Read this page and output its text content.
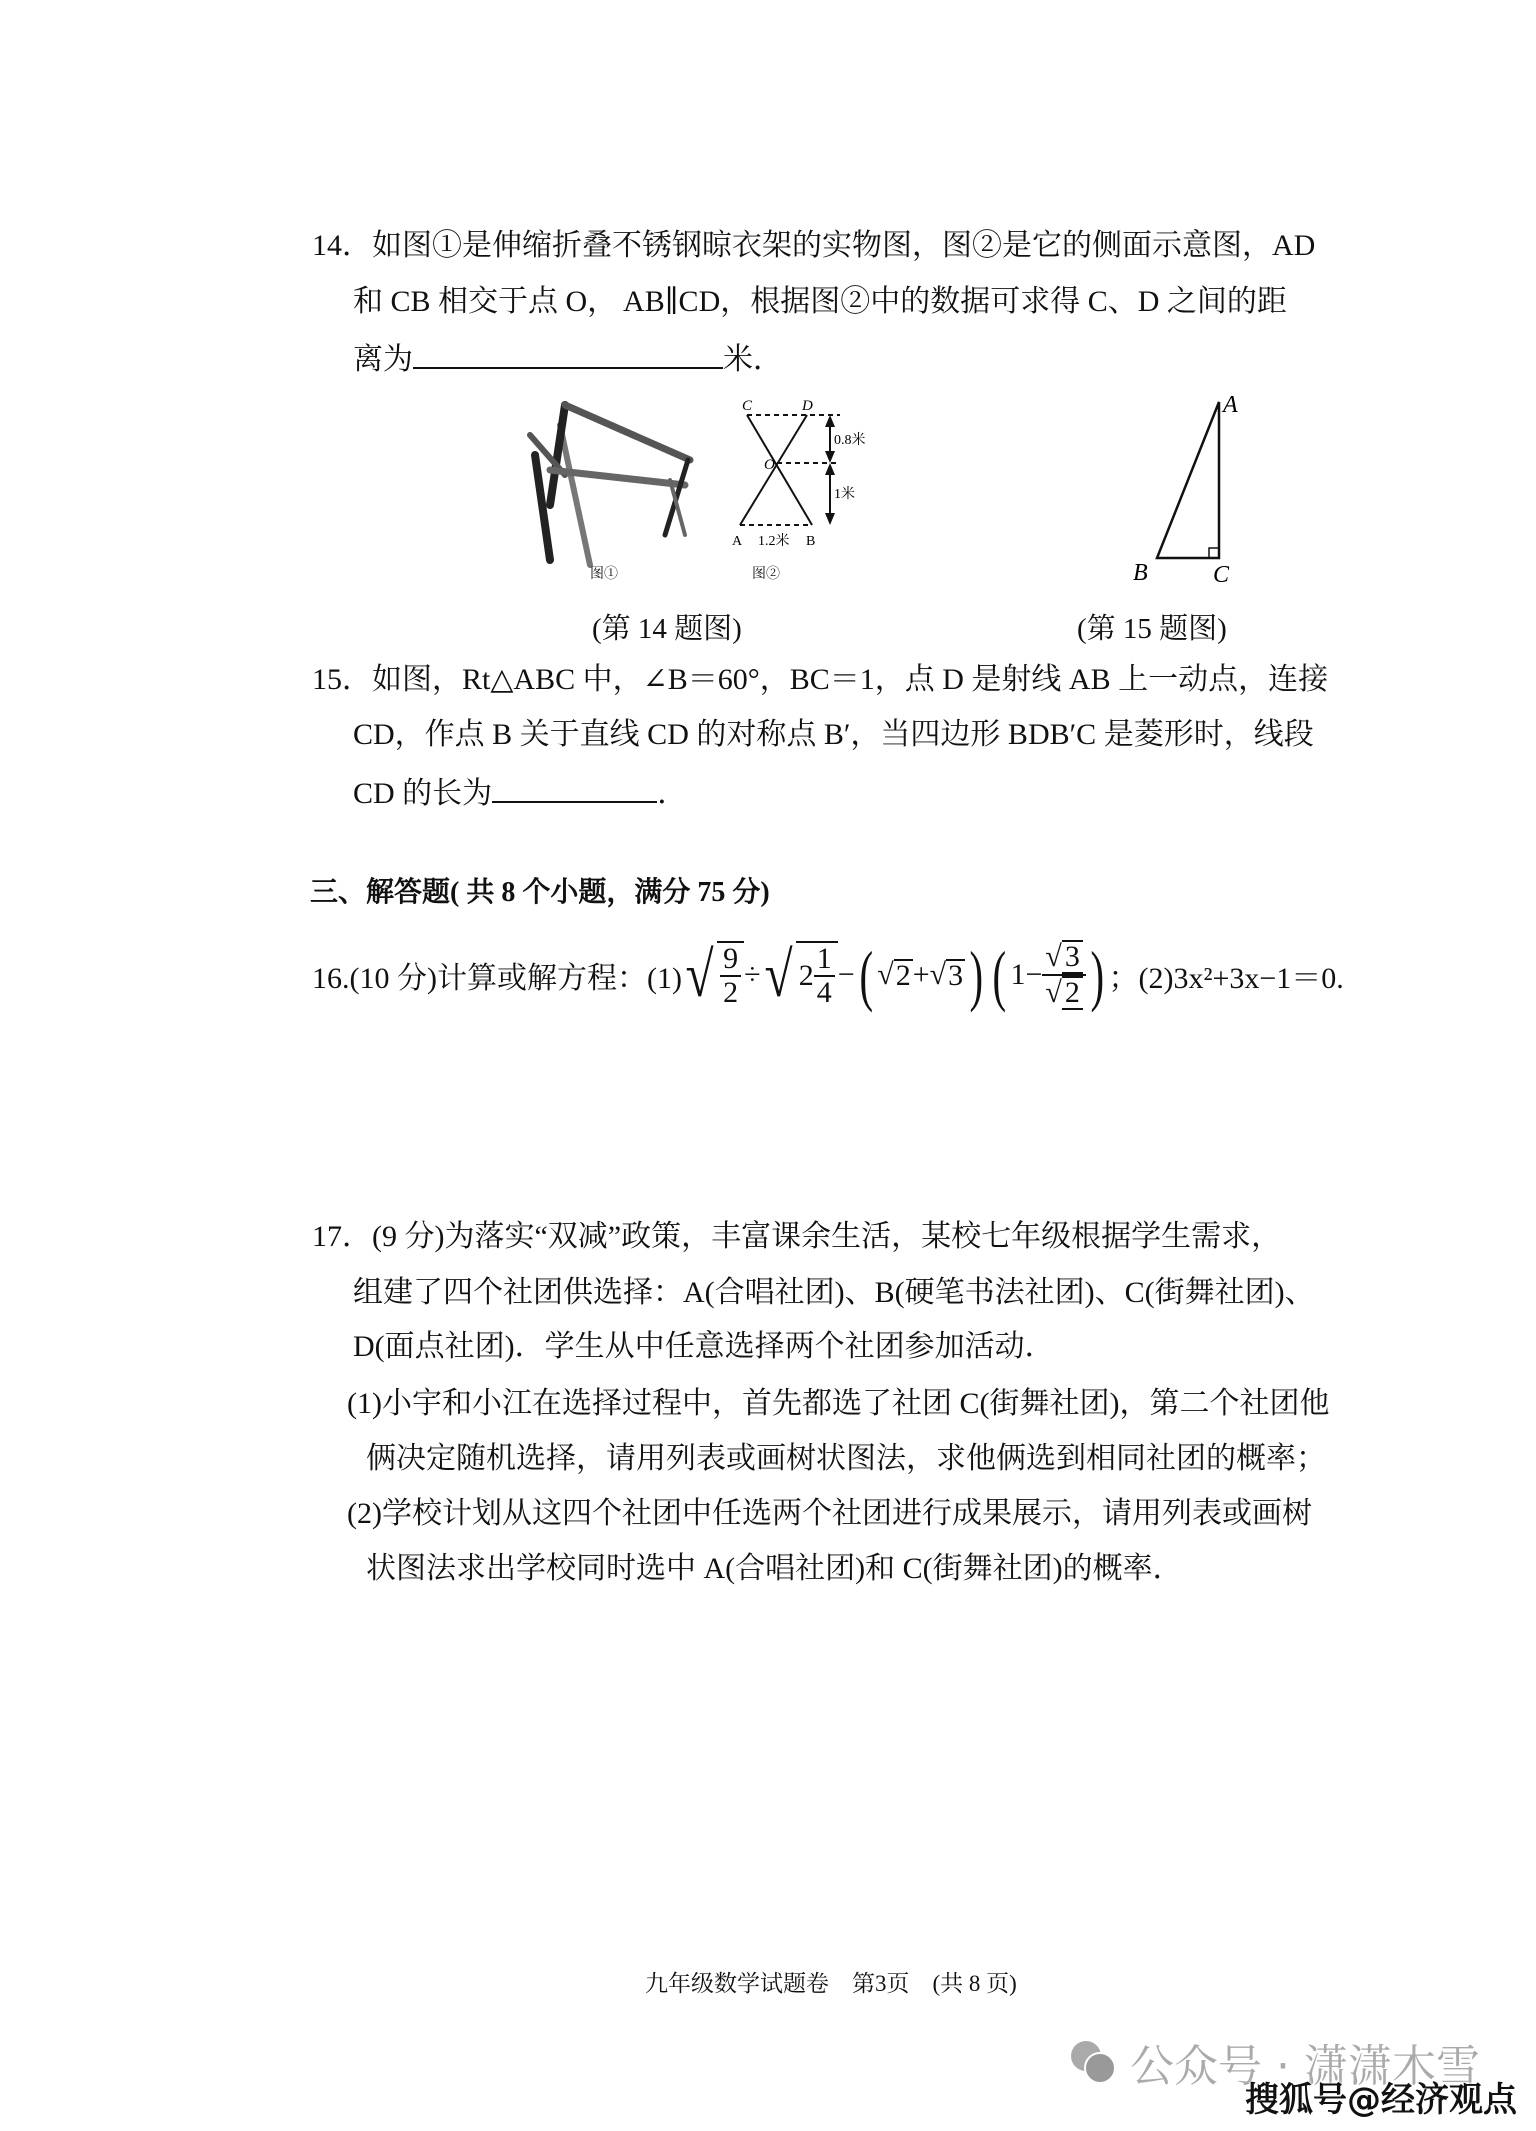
14．如图①是伸缩折叠不锈钢晾衣架的实物图，图②是它的侧面示意图，AD
和 CB 相交于点 O， AB∥CD，根据图②中的数据可求得 C、D 之间的距
离为	米．
图①
C	D
O
A	B
0.8米
1米
1.2米
图②
(第 14 题图)
A
B	C
(第 15 题图)
15．如图，Rt△ABC 中，∠B＝60°，BC＝1，点 D 是射线 AB 上一动点，连接
CD，作点 B 关于直线 CD 的对称点 B′，当四边形 BDB′C 是菱形时，线段
CD 的长为	．
三、解答题( 共 8 个小题，满分 75 分)
16.(10 分)计算或解方程：(1) √ $\frac{9}{2}$ ÷ √ $2 \frac{1}{4}$ − ( √ 2 + √ 3 ) ( $1- \frac{√ 3}{√ 2}$ ) ；(2)3x²+3x−1＝0.
17．(9 分)为落实“双减”政策，丰富课余生活，某校七年级根据学生需求，
组建了四个社团供选择：A(合唱社团)、B(硬笔书法社团)、C(街舞社团)、
D(面点社团)．学生从中任意选择两个社团参加活动．
(1)小宇和小江在选择过程中，首先都选了社团 C(街舞社团)，第二个社团他
俩决定随机选择，请用列表或画树状图法，求他俩选到相同社团的概率；
(2)学校计划从这四个社团中任选两个社团进行成果展示，请用列表或画树
状图法求出学校同时选中 A(合唱社团)和 C(街舞社团)的概率．
九年级数学试题卷　第3页　(共 8 页)
公众号 · 潇潇木雪
搜狐号@经济观点
